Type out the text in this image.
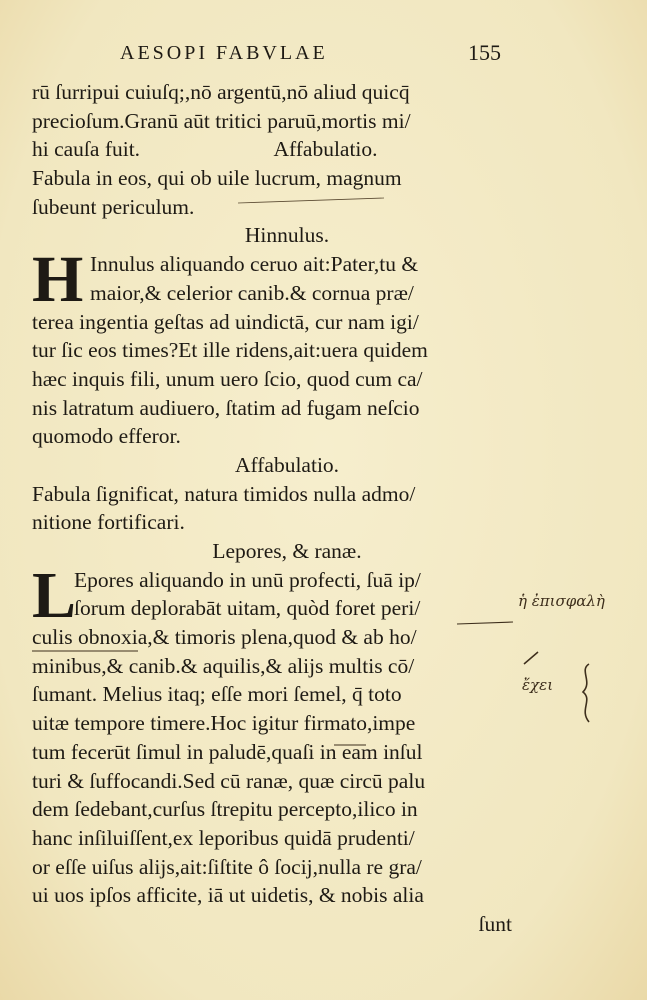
AESOPI FABVLAE	155
rū ſurripui cuiuſq;,nō argentū,nō aliud quicq̄
precioſum.Granū aūt tritici paruū,mortis mi/
hi cauſa fuit.	Affabulatio.
Fabula in eos, qui ob uile lucrum, magnum
ſubeunt periculum.
Hinnulus.
H Innulus aliquando ceruo ait:Pater,tu &
maior,& celerior canib.& cornua præ/
terea ingentia geſtas ad uindictā, cur nam igi/
tur ſic eos times?Et ille ridens,ait:uera quidem
hæc inquis fili, unum uero ſcio, quod cum ca/
nis latratum audiuero, ſtatim ad fugam neſcio
quomodo efferor.
Affabulatio.
Fabula ſignificat, natura timidos nulla admo/
nitione fortificari.
Lepores, & ranæ.
L
Epores aliquando in unū profecti, ſuā ip/
ſorum deplorabāt uitam, quòd foret peri/
culis obnoxia,& timoris plena,quod & ab ho/
minibus,& canib.& aquilis,& alijs multis cō/
ſumant. Melius itaq; eſſe mori ſemel, q̄ toto
uitæ tempore timere.Hoc igitur firmato,impe
tum fecerūt ſimul in paludē,quaſi in eam inſul
turi & ſuffocandi.Sed cū ranæ, quæ circū palu
dem ſedebant,curſus ſtrepitu percepto,ilico in
hanc inſiluiſſent,ex leporibus quidā prudenti/
or eſſe uiſus alijs,ait:ſiſtite ô ſocij,nulla re gra/
ui uos ipſos afficite, iā ut uidetis, & nobis alia
ſunt
ἡ ἐπισφαλὴ
ἔχει
